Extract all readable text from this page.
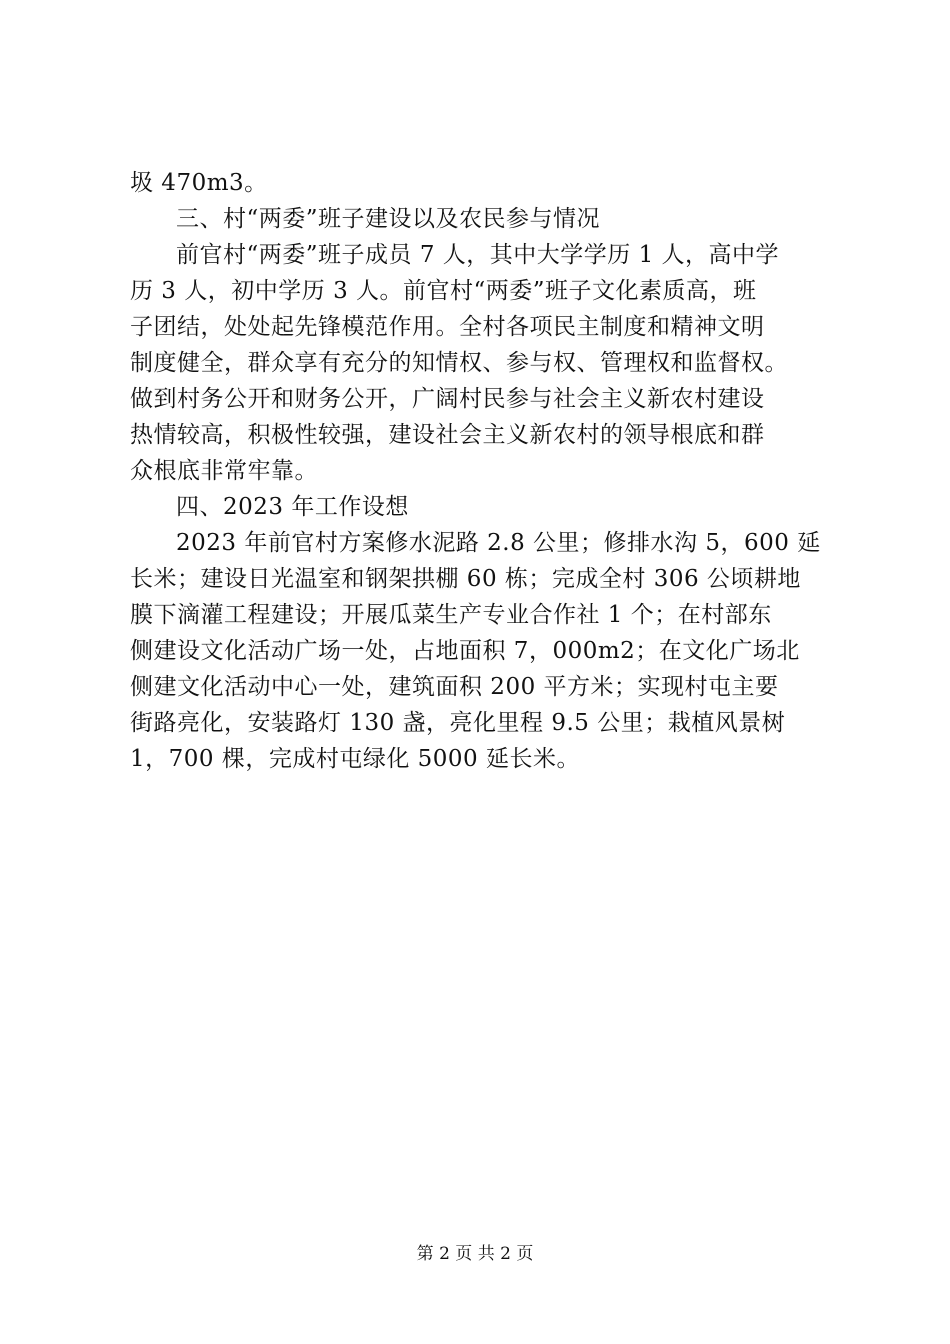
圾 470m3。
三、村“两委”班子建设以及农民参与情况
前官村“两委”班子成员 7 人，其中大学学历 1 人，高中学
历 3 人，初中学历 3 人。前官村“两委”班子文化素质高，班
子团结，处处起先锋模范作用。全村各项民主制度和精神文明
制度健全，群众享有充分的知情权、参与权、管理权和监督权。
做到村务公开和财务公开，广阔村民参与社会主义新农村建设
热情较高，积极性较强，建设社会主义新农村的领导根底和群
众根底非常牢靠。
四、2023 年工作设想
2023 年前官村方案修水泥路 2.8 公里；修排水沟 5，600 延
长米；建设日光温室和钢架拱棚 60 栋；完成全村 306 公顷耕地
膜下滴灌工程建设；开展瓜菜生产专业合作社 1 个；在村部东
侧建设文化活动广场一处，占地面积 7，000m2；在文化广场北
侧建文化活动中心一处，建筑面积 200 平方米；实现村屯主要
街路亮化，安装路灯 130 盏，亮化里程 9.5 公里；栽植风景树
1，700 棵，完成村屯绿化 5000 延长米。
第 2 页 共 2 页
